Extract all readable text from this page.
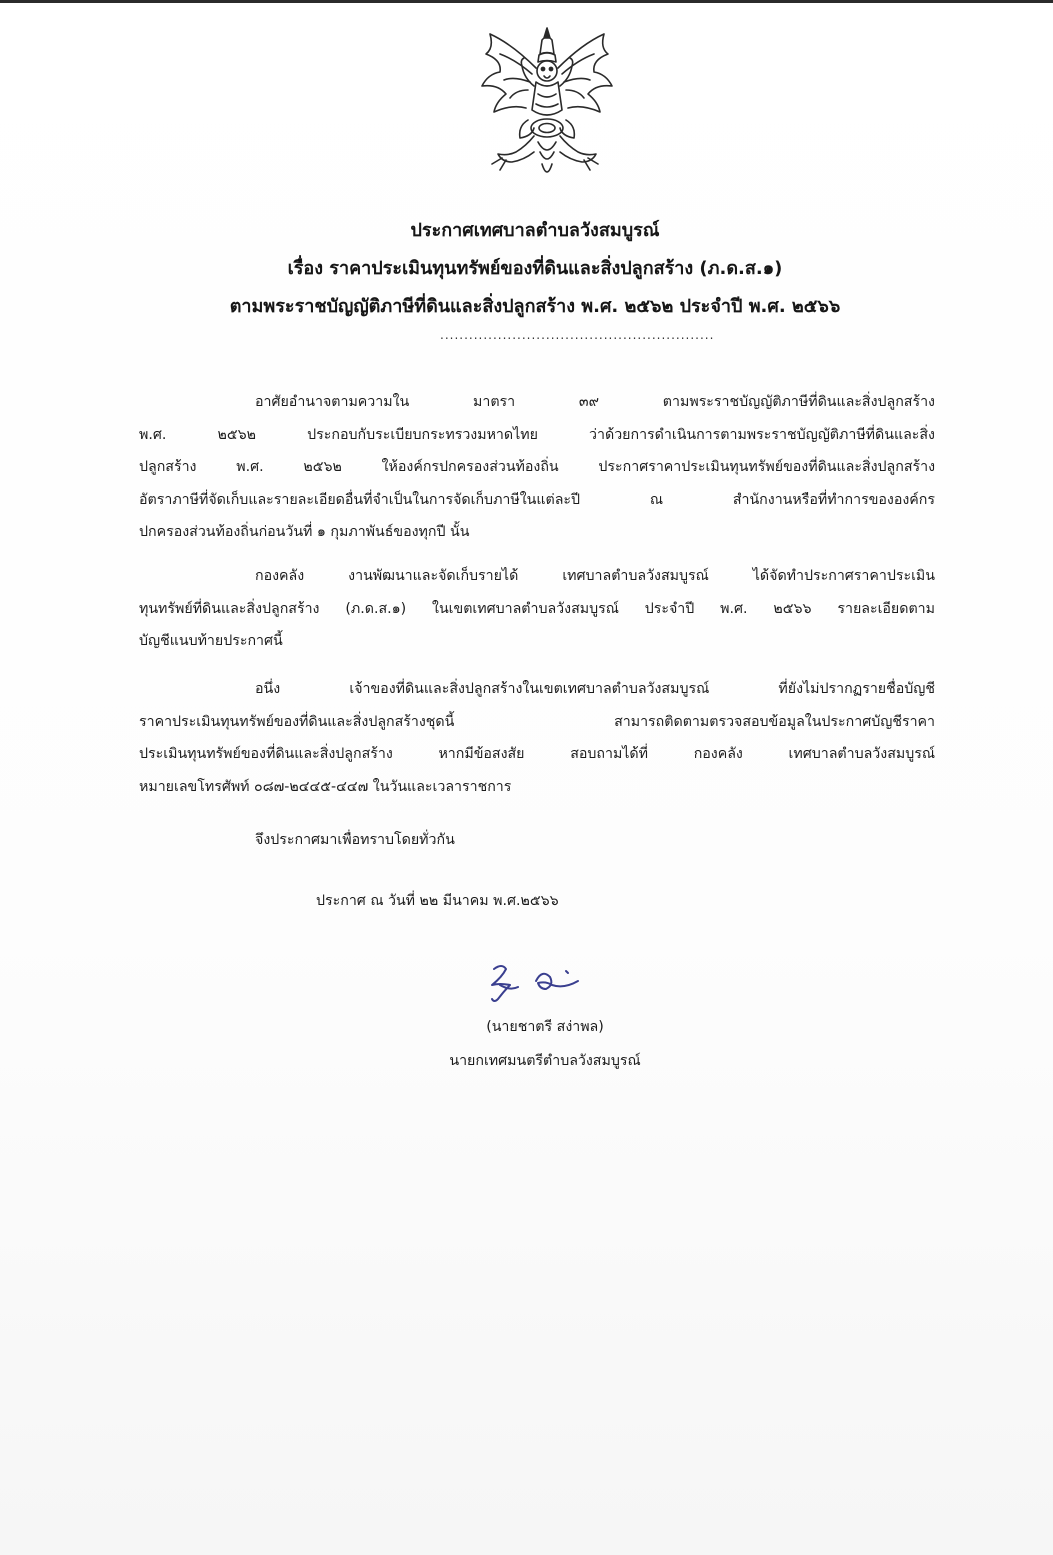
ประกาศเทศบาลตำบลวังสมบูรณ์
เรื่อง ราคาประเมินทุนทรัพย์ของที่ดินและสิ่งปลูกสร้าง (ภ.ด.ส.๑)
ตามพระราชบัญญัติภาษีที่ดินและสิ่งปลูกสร้าง พ.ศ. ๒๕๖๒ ประจำปี พ.ศ. ๒๕๖๖
.........................................................
อาศัยอำนาจตามความใน มาตรา ๓๙ ตามพระราชบัญญัติภาษีที่ดินและสิ่งปลูกสร้าง
พ.ศ. ๒๕๖๒ ประกอบกับระเบียบกระทรวงมหาดไทย ว่าด้วยการดำเนินการตามพระราชบัญญัติภาษีที่ดินและสิ่ง
ปลูกสร้าง พ.ศ. ๒๕๖๒ ให้องค์กรปกครองส่วนท้องถิ่น ประกาศราคาประเมินทุนทรัพย์ของที่ดินและสิ่งปลูกสร้าง
อัตราภาษีที่จัดเก็บและรายละเอียดอื่นที่จำเป็นในการจัดเก็บภาษีในแต่ละปี ณ สำนักงานหรือที่ทำการขององค์กร
ปกครองส่วนท้องถิ่นก่อนวันที่ ๑ กุมภาพันธ์ของทุกปี นั้น
กองคลัง งานพัฒนาและจัดเก็บรายได้ เทศบาลตำบลวังสมบูรณ์ ได้จัดทำประกาศราคาประเมิน
ทุนทรัพย์ที่ดินและสิ่งปลูกสร้าง (ภ.ด.ส.๑) ในเขตเทศบาลตำบลวังสมบูรณ์ ประจำปี พ.ศ. ๒๕๖๖ รายละเอียดตาม
บัญชีแนบท้ายประกาศนี้
อนึ่ง เจ้าของที่ดินและสิ่งปลูกสร้างในเขตเทศบาลตำบลวังสมบูรณ์ ที่ยังไม่ปรากฏรายชื่อบัญชี
ราคาประเมินทุนทรัพย์ของที่ดินและสิ่งปลูกสร้างชุดนี้ สามารถติดตามตรวจสอบข้อมูลในประกาศบัญชีราคา
ประเมินทุนทรัพย์ของที่ดินและสิ่งปลูกสร้าง หากมีข้อสงสัย สอบถามได้ที่ กองคลัง เทศบาลตำบลวังสมบูรณ์
หมายเลขโทรศัพท์ ๐๘๗-๒๔๔๕-๔๔๗ ในวันและเวลาราชการ
จึงประกาศมาเพื่อทราบโดยทั่วกัน
ประกาศ ณ วันที่ ๒๒ มีนาคม พ.ศ.๒๕๖๖
(นายชาตรี สง่าพล)
นายกเทศมนตรีตำบลวังสมบูรณ์
